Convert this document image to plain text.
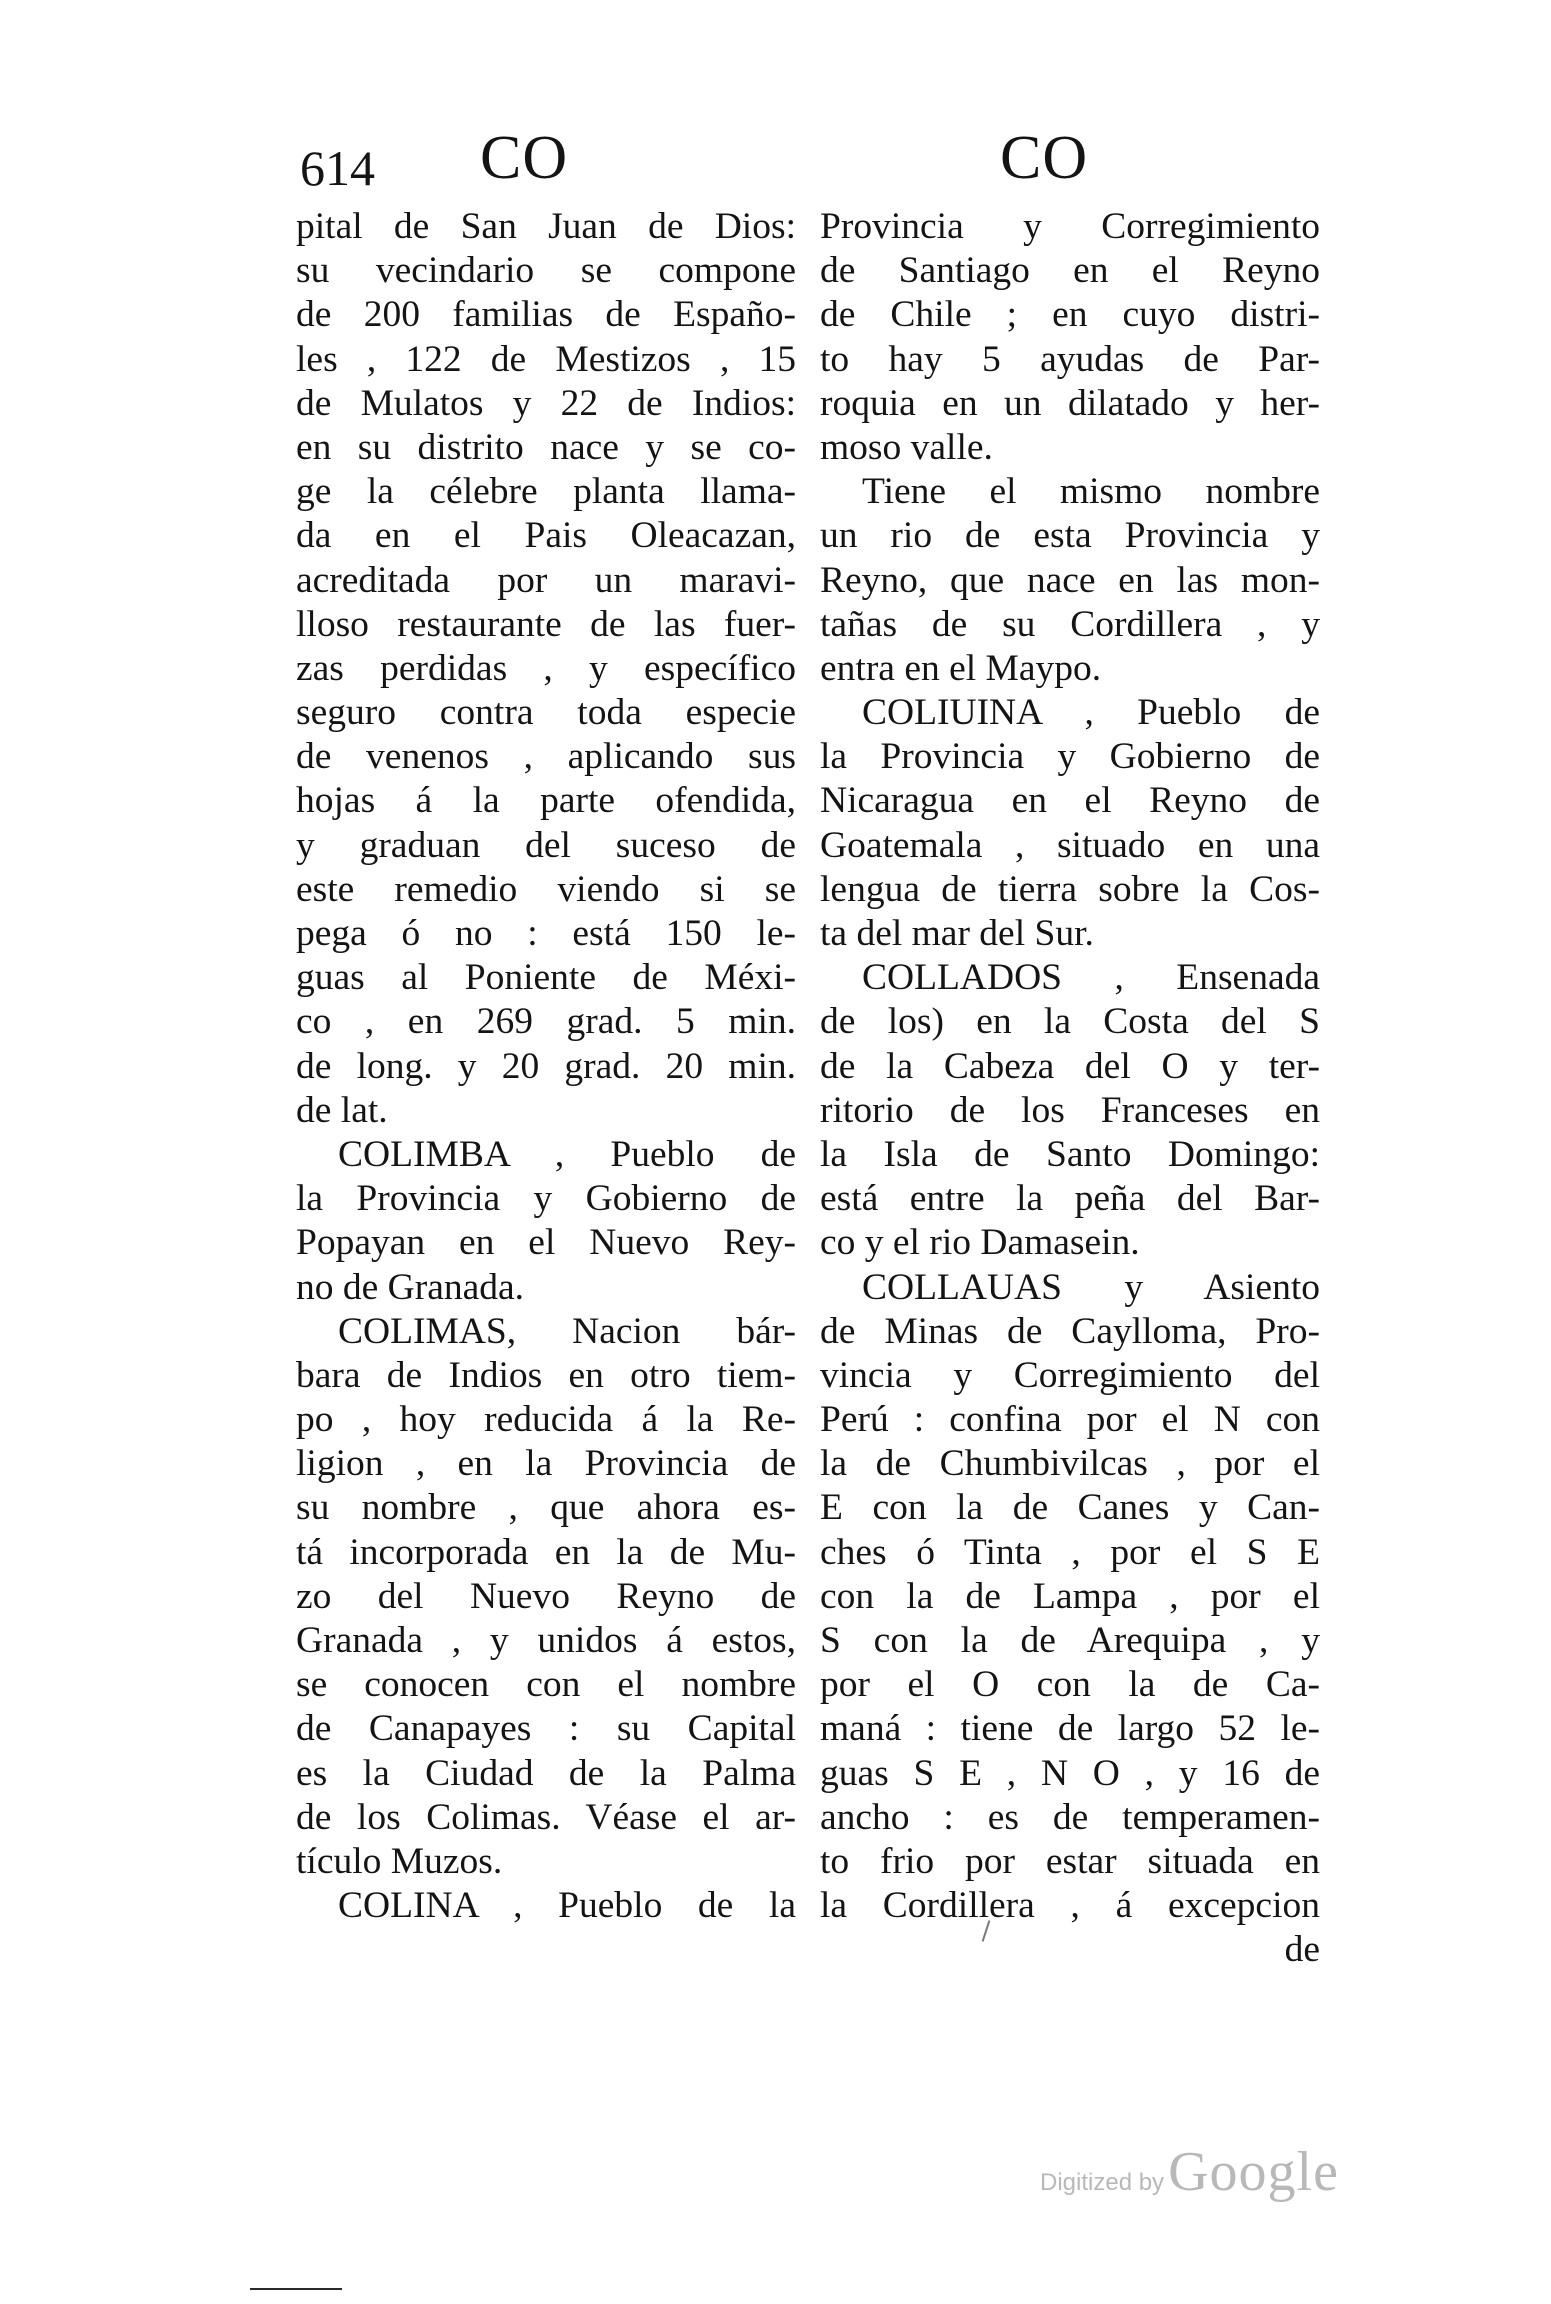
614 CO	CO
pital de San Juan de Dios:
su vecindario se compone
de 200 familias de Españo-
les , 122 de Mestizos , 15
de Mulatos y 22 de Indios:
en su distrito nace y se co-
ge la célebre planta llama-
da en el Pais Oleacazan,
acreditada por un maravi-
lloso restaurante de las fuer-
zas perdidas , y específico
seguro contra toda especie
de venenos , aplicando sus
hojas á la parte ofendida,
y graduan del suceso de
este remedio viendo si se
pega ó no : está 150 le-
guas al Poniente de Méxi-
co , en 269 grad. 5 min.
de long. y 20 grad. 20 min.
de lat.
COLIMBA , Pueblo de
la Provincia y Gobierno de
Popayan en el Nuevo Rey-
no de Granada.
COLIMAS, Nacion bár-
bara de Indios en otro tiem-
po , hoy reducida á la Re-
ligion , en la Provincia de
su nombre , que ahora es-
tá incorporada en la de Mu-
zo del Nuevo Reyno de
Granada , y unidos á estos,
se conocen con el nombre
de Canapayes : su Capital
es la Ciudad de la Palma
de los Colimas. Véase el ar-
tículo Muzos.
COLINA , Pueblo de la
Provincia y Corregimiento
de Santiago en el Reyno
de Chile ; en cuyo distri-
to hay 5 ayudas de Par-
roquia en un dilatado y her-
moso valle.
Tiene el mismo nombre
un rio de esta Provincia y
Reyno, que nace en las mon-
tañas de su Cordillera , y
entra en el Maypo.
COLIUINA , Pueblo de
la Provincia y Gobierno de
Nicaragua en el Reyno de
Goatemala , situado en una
lengua de tierra sobre la Cos-
ta del mar del Sur.
COLLADOS , Ensenada
de los) en la Costa del S
de la Cabeza del O y ter-
ritorio de los Franceses en
la Isla de Santo Domingo:
está entre la peña del Bar-
co y el rio Damasein.
COLLAUAS y Asiento
de Minas de Caylloma, Pro-
vincia y Corregimiento del
Perú : confina por el N con
la de Chumbivilcas , por el
E con la de Canes y Can-
ches ó Tinta , por el S E
con la de Lampa , por el
S con la de Arequipa , y
por el O con la de Ca-
maná : tiene de largo 52 le-
guas S E , N O , y 16 de
ancho : es de temperamen-
to frio por estar situada en
la Cordillera , á excepcion
de
Digitized by Google
